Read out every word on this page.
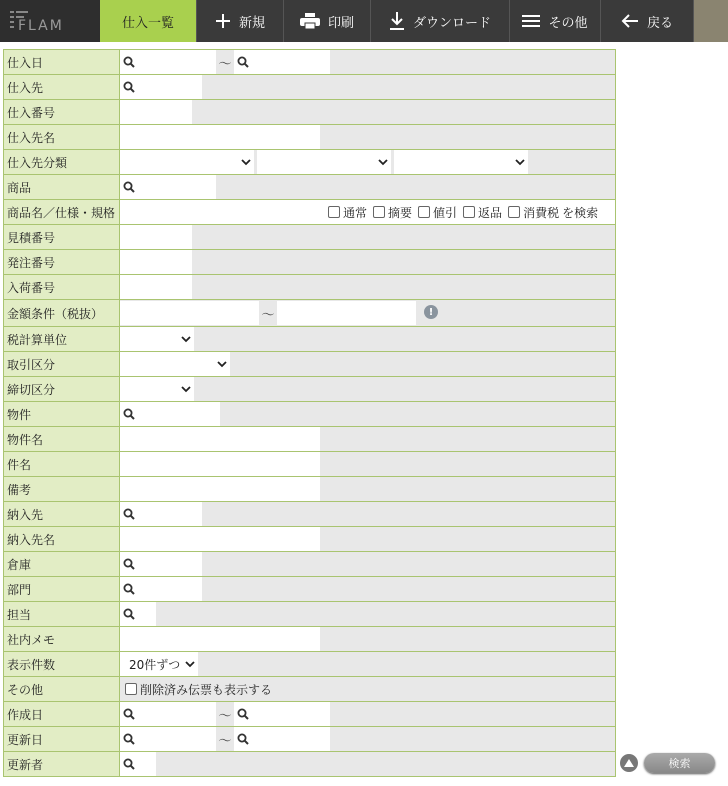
FLAM	仕入一覧	新規	印刷	ダウンロード	その他	戻る
仕入日	～
仕入先
仕入番号
仕入先名
仕入先分類
商品
商品名／仕様・規格	通常 摘要 値引 返品 消費税 を検索
見積番号
発注番号
入荷番号
金額条件（税抜）	～	!
税計算単位
取引区分
締切区分
物件
物件名
件名
備考
納入先
納入先名
倉庫
部門
担当
社内メモ
表示件数	20件ずつ
その他	削除済み伝票も表示する
作成日	～
更新日	～
更新者	検索
